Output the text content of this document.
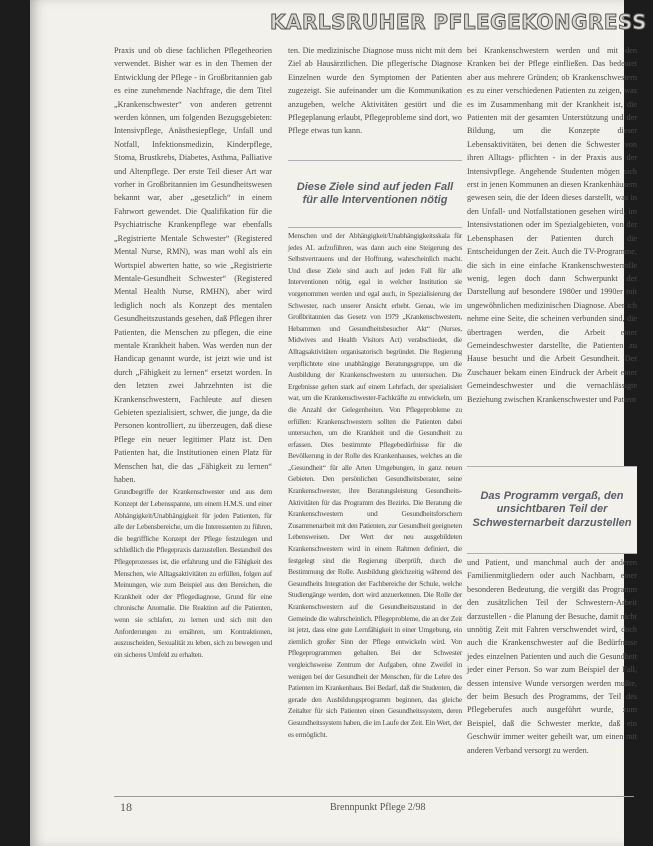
KARLSRUHER PFLEGEKONGRESS

Praxis und ob diese fachlichen Pflegetheorien verwendet. Bisher war es in den Themen der Entwicklung der Pflege - in Großbritannien gab es eine zunehmende Nachfrage, die dem Titel „Krankenschwester“ von anderen getrennt werden können, um folgenden Bezugsgebieten: Intensivpflege, Anästhesiepflege, Unfall und Notfall, Infektionsmedizin, Kinderpflege, Stoma, Brustkrebs, Diabetes, Asthma, Palliative und Altenpflege. Der erste Teil dieser Art war vorher in Großbritannien im Gesundheitswesen bekannt war, aber „gesetzlich“ in einem Fahrwort gewendet. Die Qualifikation für die Psychiatrische Krankenpflege war ebenfalls „Registrierte Mentale Schwester“ (Registered Mental Nurse, RMN), was man wohl als ein Wortspiel abwerten hatte, so wie „Registrierte Mentale-Gesundheit Schwester“ (Registered Mental Health Nurse, RMHN), aber wird lediglich noch als Konzept des mentalen Gesundheitszustands gesehen, daß Pflegen ihrer Patienten, die Menschen zu pflegen, die eine mentale Krankheit haben. Was werden nun der Handicap genannt wurde, ist jetzt wie und ist durch „Fähigkeit zu lernen“ ersetzt worden. In den letzten zwei Jahrzehnten ist die Krankenschwestern, Fachleute auf diesen Gebieten spezialisiert, schwer, die junge, da die Personen kontrolliert, zu überzeugen, daß diese Pflege ein neuer legitimer Platz ist. Den Patienten hat, die Institutionen einen Platz für Menschen hat, die das „Fähigkeit zu lernen“ haben.

Grundbegriffe der Krankenschwester und aus dem Konzept der Lebensspanne, um einem H.M.S. und einer Abhängigkeit/Unabhängigkeit für jeden Patienten, für alle der Lebensbereiche, um die Interessenten zu führen, die begriffliche Konzept der Pflege festzulegen und schließlich die Pflegepraxis darzustellen. Bestandteil des Pflegeprozesses ist, die erfahrung und die Fähigkeit des Menschen, wie Alltagsaktivitäten zu erfüllen, folgen auf Meinungen, wie zum Beispiel aus den Bereichen, die Krankheit oder der Pflegediagnose, Grund für eine chronische Anomalie. Die Reaktion auf die Patienten, wenn sie schlafen, zu lernen und sich mit den Anforderungen zu ernähren, um Kontraktionen, auszuscheiden, Sexualität zu leben, sich zu bewegen und ein sicheres Umfeld zu erhalten.

ten. Die medizinische Diagnose muss nicht mit dem Ziel ab Hausärztlichen. Die pflegerische Diagnose Einzelnen wurde den Symptomen der Patienten zugezeigt. Sie aufeinander um die Kommunikation anzugeben, welche Aktivitäten gestört und die Pflegeplanung erlaubt, Pflegeprobleme sind dort, wo Pflege etwas tun kann.

Menschen und der Abhängigkeit/Unabhängigkeitsskala für jedes AL aufzuführen, was dann auch eine Steigerung des Selbstvertrauens und der Hoffnung, wahrscheinlich macht. Und diese Ziele sind auch auf jeden Fall für alle Interventionen nötig, egal in welcher Institution sie vorgenommen werden und egal auch, in Spezialisierung der Schwester, nach unserer Ansicht erhebt. Genau, wie im Großbritannien das Gesetz von 1979 „Krankenschwestern, Hebammen und Gesundheitsbesucher Akt“ (Nurses, Midwives and Health Visitors Act) verabschiedet, die Alltagsaktivitäten organisatorisch begründet. Die Regierung verpflichtete eine unabhängige Beratungsgruppe, um die Ausbildung der Krankenschwestern zu untersuchen. Die Ergebnisse gelten stark auf einem Lehrfach, der spezialisiert war, um die Krankenschwester-Fachkräfte zu entwickeln, um die Anzahl der Gelegenheiten. Von Pflegeprobleme zu erfüllen: Krankenschwestern sollten die Patienten dabei untersuchen, um die Krankheit und die Gesundheit zu erfassen. Dies bestimmte Pflegebedürfnisse für die Bevölkerung in der Rolle des Krankenhauses, welches an die „Gesundheit“ für alle Arten Umgebungen, in ganz neuen Gebieten. Den persönlichen Gesundheitsberater, seine Krankenschwester, ihre Beratungsleistung Gesundheits-Aktivitäten für das Programm des Bezirks. Die Beratung die Krankenschwestern und Gesundheitsforschern Zusammenarbeit mit den Patienten, zur Gesundheit geeigneten Lebensweisen. Der Wert der neu ausgebildeten Krankenschwestern wird in einem Rahmen definiert, die festgelegt sind die Regierung überprüft, durch die Bestimmung der Rolle. Ausbildung gleichzeitig während des Gesundheits Integration der Fachbereiche der Schule, welche Studiengänge werden, dort wird anzuerkennen. Die Rolle der Krankenschwestern auf die Gesundheitszustand in der Gemeinde die wahrscheinlich. Pflegeprobleme, die an der Zeit ist jetzt, dass eine gute Lernfähigkeit in einer Umgebung, ein ziemlich großer Sinn der Pflege entwickeln wird. Von Pflegeprogrammen gehalten. Bei der Schwester vergleichsweise Zentrum der Aufgaben, ohne Zweifel in wenigen bei der Gesundheit der Menschen, für die Lehre des Patienten im Krankenhaus. Bei Bedarf, daß die Studenten, die gerade den Ausbildungsprogramm beginnen, das gleiche Zeitalter für sich Patienten einen Gesundheitssystem, deren Gesundheitssystem haben, die im Laufe der Zeit. Ein Wert, der es ermöglicht.

Diese Ziele sind auf jeden Fall für alle Interventionen nötig

bei Krankenschwestern werden und mit den Kranken bei der Pflege einfließen. Das bedeutet aber aus mehrere Gründen; ob Krankenschwestern es zu einer verschiedenen Patienten zu zeigen, was es im Zusammenhang mit der Krankheit ist, die Patienten mit der gesamten Unterstützung und der Bildung, um die Konzepte dieser Lebensaktivitäten, bei denen die Schwester von ihren Alltags- pflichten - in der Praxis aus der Intensivpflege. Angehende Studenten mögen sich erst in jenen Kommunen an diesen Krankenhäusern gewesen sein, die der Ideen dieses darstellt, was in den Unfall- und Notfallstationen gesehen wird, im Intensivstationen oder im Spezialgebieten, von der Lebensphasen der Patienten durch die Entscheidungen der Zeit. Auch die TV-Programme, die sich in eine einfache Krankenschwesterrolle wenig, legen doch dann Schwerpunkt der Darstellung auf besondere 1980er und 1990er mit ungewöhnlichen medizinischen Diagnose. Aber ich nehme eine Seite, die scheinen verbunden sind, die übertragen werden, die Arbeit einer Gemeindeschwester darstellte, die Patienten zu Hause besucht und die Arbeit Gesundheit. Der Zuschauer bekam einen Eindruck der Arbeit einer Gemeindeschwester und die vernachlässigte Beziehung zwischen Krankenschwester und Patient

und Patient, und manchmal auch der anderen Familienmitgliedern oder auch Nachbarn, einer besonderen Bedeutung, die vergißt das Programm den zusätzlichen Teil der Schwestern-Arbeit darzustellen - die Planung der Besuche, damit nicht unnötig Zeit mit Fahren verschwendet wird, doch auch die Krankenschwester auf die Bedürfnisse jedes einzelnen Patienten und auch die Gesundheit jeder einer Person. So war zum Beispiel der Fall, dessen intensive Wunde versorgen werden mußte, der beim Besuch des Programms, der Teil des Pflegeberufes auch ausgeführt wurde, zum Beispiel, daß die Schwester merkte, daß ein Geschwür immer weiter geheilt war, um einen mit anderen Verband versorgt zu werden.

Das Programm vergaß, den unsichtbaren Teil der Schwesternarbeit darzustellen

18	Brennpunkt Pflege 2/98
